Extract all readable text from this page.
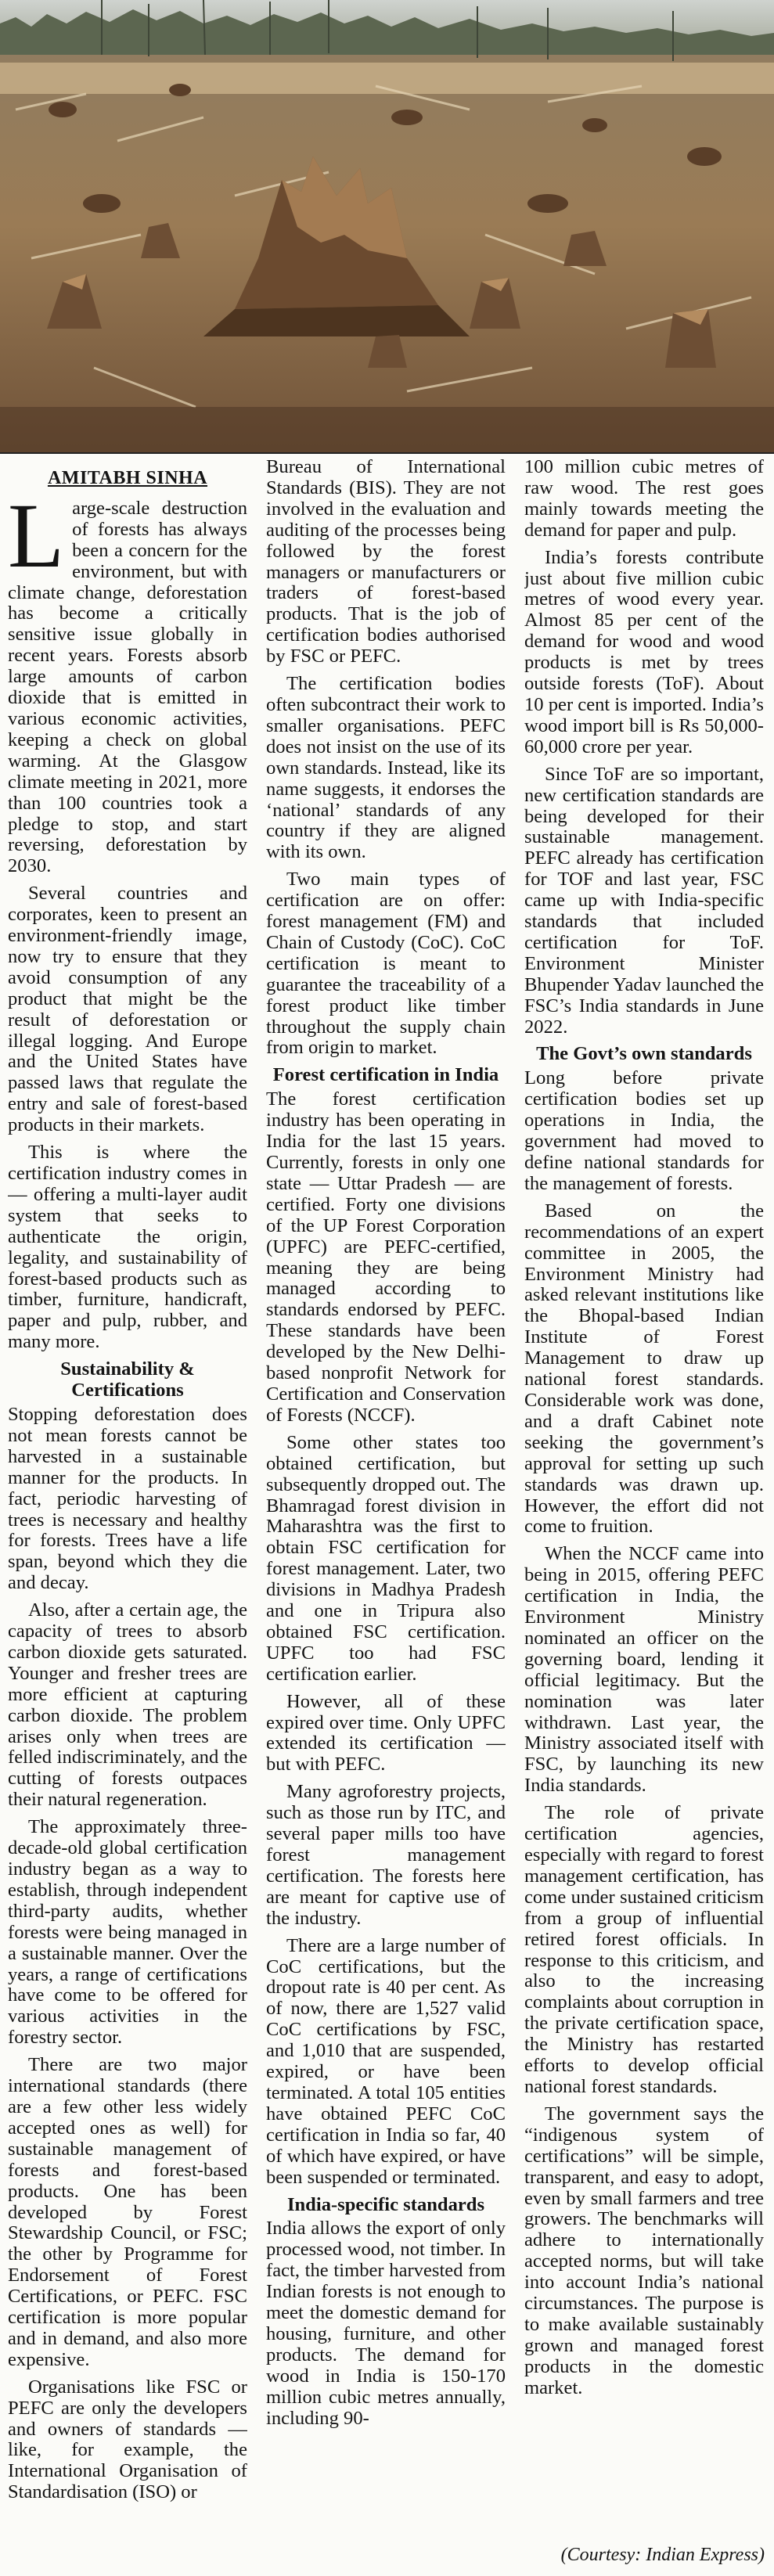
AMITABH SINHA

Large-scale destruction of forests has always been a concern for the environment, but with climate change, deforestation has become a critically sensitive issue globally in recent years. Forests absorb large amounts of carbon dioxide that is emitted in various economic activities, keeping a check on global warming. At the Glasgow climate meeting in 2021, more than 100 countries took a pledge to stop, and start reversing, deforestation by 2030.

Several countries and corporates, keen to present an environment-friendly image, now try to ensure that they avoid consumption of any product that might be the result of deforestation or illegal logging. And Europe and the United States have passed laws that regulate the entry and sale of forest-based products in their markets.

This is where the certification industry comes in — offering a multi-layer audit system that seeks to authenticate the origin, legality, and sustainability of forest-based products such as timber, furniture, handicraft, paper and pulp, rubber, and many more.

Sustainability & Certifications

Stopping deforestation does not mean forests cannot be harvested in a sustainable manner for the products. In fact, periodic harvesting of trees is necessary and healthy for forests. Trees have a life span, beyond which they die and decay.

Also, after a certain age, the capacity of trees to absorb carbon dioxide gets saturated. Younger and fresher trees are more efficient at capturing carbon dioxide. The problem arises only when trees are felled indiscriminately, and the cutting of forests outpaces their natural regeneration.

The approximately three-decade-old global certification industry began as a way to establish, through independent third-party audits, whether forests were being managed in a sustainable manner. Over the years, a range of certifications have come to be offered for various activities in the forestry sector.

There are two major international standards (there are a few other less widely accepted ones as well) for sustainable management of forests and forest-based products. One has been developed by Forest Stewardship Council, or FSC; the other by Programme for Endorsement of Forest Certifications, or PEFC. FSC certification is more popular and in demand, and also more expensive.

Organisations like FSC or PEFC are only the developers and owners of standards — like, for example, the International Organisation of Standardisation (ISO) or

Bureau of International Standards (BIS). They are not involved in the evaluation and auditing of the processes being followed by the forest managers or manufacturers or traders of forest-based products. That is the job of certification bodies authorised by FSC or PEFC.

The certification bodies often subcontract their work to smaller organisations. PEFC does not insist on the use of its own standards. Instead, like its name suggests, it endorses the ‘national’ standards of any country if they are aligned with its own.

Two main types of certification are on offer: forest management (FM) and Chain of Custody (CoC). CoC certification is meant to guarantee the traceability of a forest product like timber throughout the supply chain from origin to market.

Forest certification in India

The forest certification industry has been operating in India for the last 15 years. Currently, forests in only one state — Uttar Pradesh — are certified. Forty one divisions of the UP Forest Corporation (UPFC) are PEFC-certified, meaning they are being managed according to standards endorsed by PEFC. These standards have been developed by the New Delhi-based nonprofit Network for Certification and Conservation of Forests (NCCF).

Some other states too obtained certification, but subsequently dropped out. The Bhamragad forest division in Maharashtra was the first to obtain FSC certification for forest management. Later, two divisions in Madhya Pradesh and one in Tripura also obtained FSC certification. UPFC too had FSC certification earlier.

However, all of these expired over time. Only UPFC extended its certification — but with PEFC.

Many agroforestry projects, such as those run by ITC, and several paper mills too have forest management certification. The forests here are meant for captive use of the industry.

There are a large number of CoC certifications, but the dropout rate is 40 per cent. As of now, there are 1,527 valid CoC certifications by FSC, and 1,010 that are suspended, expired, or have been terminated. A total 105 entities have obtained PEFC CoC certification in India so far, 40 of which have expired, or have been suspended or terminated.

India-specific standards

India allows the export of only processed wood, not timber. In fact, the timber harvested from Indian forests is not enough to meet the domestic demand for housing, furniture, and other products. The demand for wood in India is 150-170 million cubic metres annually, including 90-

100 million cubic metres of raw wood. The rest goes mainly towards meeting the demand for paper and pulp.

India’s forests contribute just about five million cubic metres of wood every year. Almost 85 per cent of the demand for wood and wood products is met by trees outside forests (ToF). About 10 per cent is imported. India’s wood import bill is Rs 50,000-60,000 crore per year.

Since ToF are so important, new certification standards are being developed for their sustainable management. PEFC already has certification for TOF and last year, FSC came up with India-specific standards that included certification for ToF. Environment Minister Bhupender Yadav launched the FSC’s India standards in June 2022.

The Govt’s own standards

Long before private certification bodies set up operations in India, the government had moved to define national standards for the management of forests.

Based on the recommendations of an expert committee in 2005, the Environment Ministry had asked relevant institutions like the Bhopal-based Indian Institute of Forest Management to draw up national forest standards. Considerable work was done, and a draft Cabinet note seeking the government’s approval for setting up such standards was drawn up. However, the effort did not come to fruition.

When the NCCF came into being in 2015, offering PEFC certification in India, the Environment Ministry nominated an officer on the governing board, lending it official legitimacy. But the nomination was later withdrawn. Last year, the Ministry associated itself with FSC, by launching its new India standards.

The role of private certification agencies, especially with regard to forest management certification, has come under sustained criticism from a group of influential retired forest officials. In response to this criticism, and also to the increasing complaints about corruption in the private certification space, the Ministry has restarted efforts to develop official national forest standards.

The government says the “indigenous system of certifications” will be simple, transparent, and easy to adopt, even by small farmers and tree growers. The benchmarks will adhere to internationally accepted norms, but will take into account India’s national circumstances. The purpose is to make available sustainably grown and managed forest products in the domestic market.

(Courtesy: Indian Express)
